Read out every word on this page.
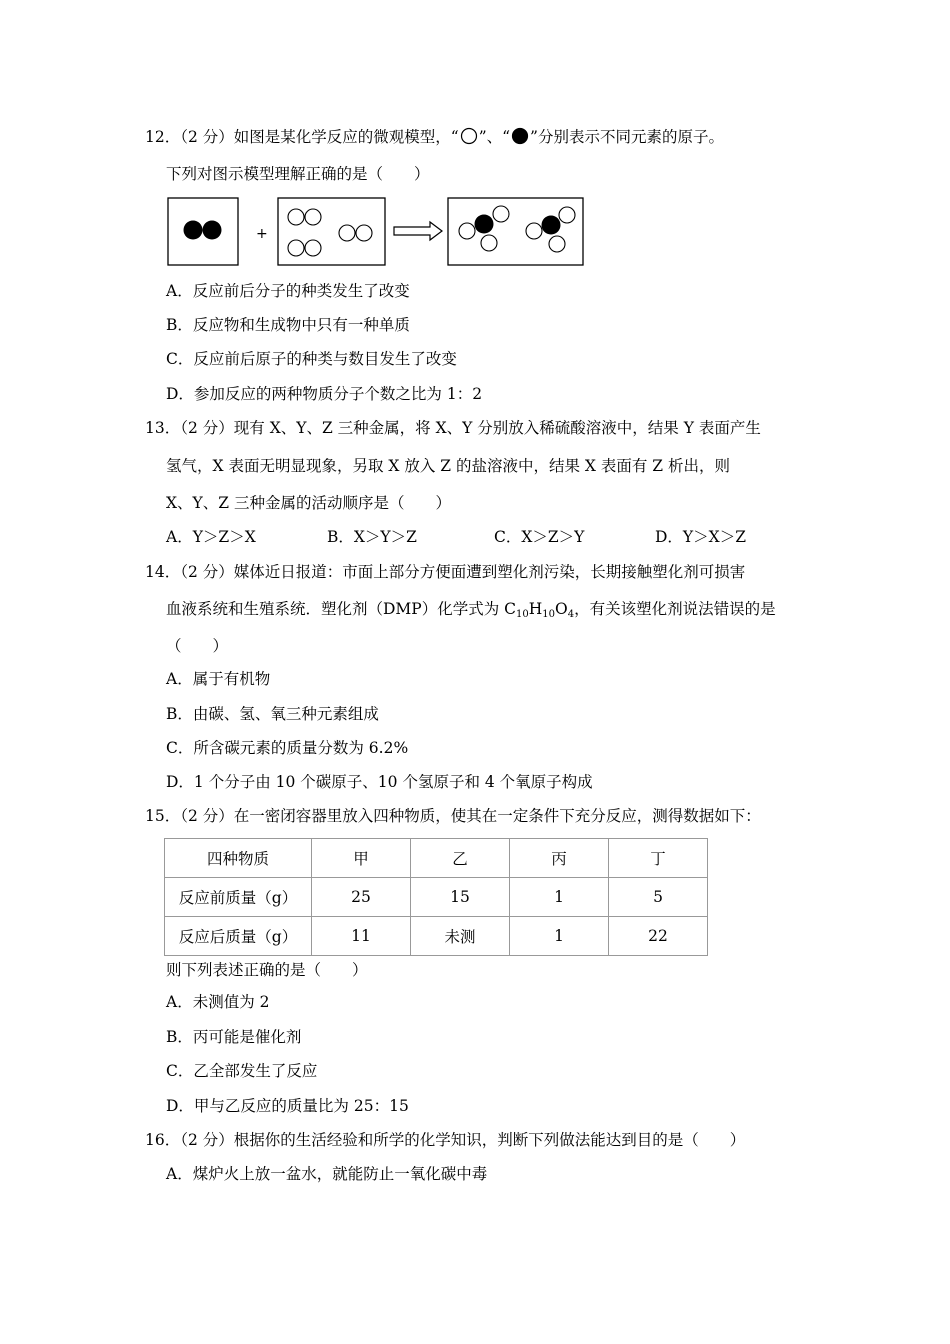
12．（2 分）如图是某化学反应的微观模型，“ ”、“ ”分别表示不同元素的原子。
下列对图示模型理解正确的是（　　）
+
A．反应前后分子的种类发生了改变
B．反应物和生成物中只有一种单质
C．反应前后原子的种类与数目发生了改变
D．参加反应的两种物质分子个数之比为 1：2
13．（2 分）现有 X、Y、Z 三种金属，将 X、Y 分别放入稀硫酸溶液中，结果 Y 表面产生
氢气，X 表面无明显现象，另取 X 放入 Z 的盐溶液中，结果 X 表面有 Z 析出，则
X、Y、Z 三种金属的活动顺序是（　　）
A．Y＞Z＞X	B．X＞Y＞Z	C．X＞Z＞Y	D．Y＞X＞Z
14．（2 分）媒体近日报道：市面上部分方便面遭到塑化剂污染，长期接触塑化剂可损害
血液系统和生殖系统．塑化剂（DMP）化学式为 $C_{10}H_{10}O_4$，有关该塑化剂说法错误的是
（　　）
A．属于有机物
B．由碳、氢、氧三种元素组成
C．所含碳元素的质量分数为 6.2%
D．1 个分子由 10 个碳原子、10 个氢原子和 4 个氧原子构成
15．（2 分）在一密闭容器里放入四种物质，使其在一定条件下充分反应，测得数据如下：
四种物质	甲	乙	丙	丁
反应前质量（g）	25	15	1	5
反应后质量（g）	11	未测	1	22
则下列表述正确的是（　　）
A．未测值为 2
B．丙可能是催化剂
C．乙全部发生了反应
D．甲与乙反应的质量比为 25：15
16．（2 分）根据你的生活经验和所学的化学知识，判断下列做法能达到目的是（　　）
A．煤炉火上放一盆水，就能防止一氧化碳中毒
